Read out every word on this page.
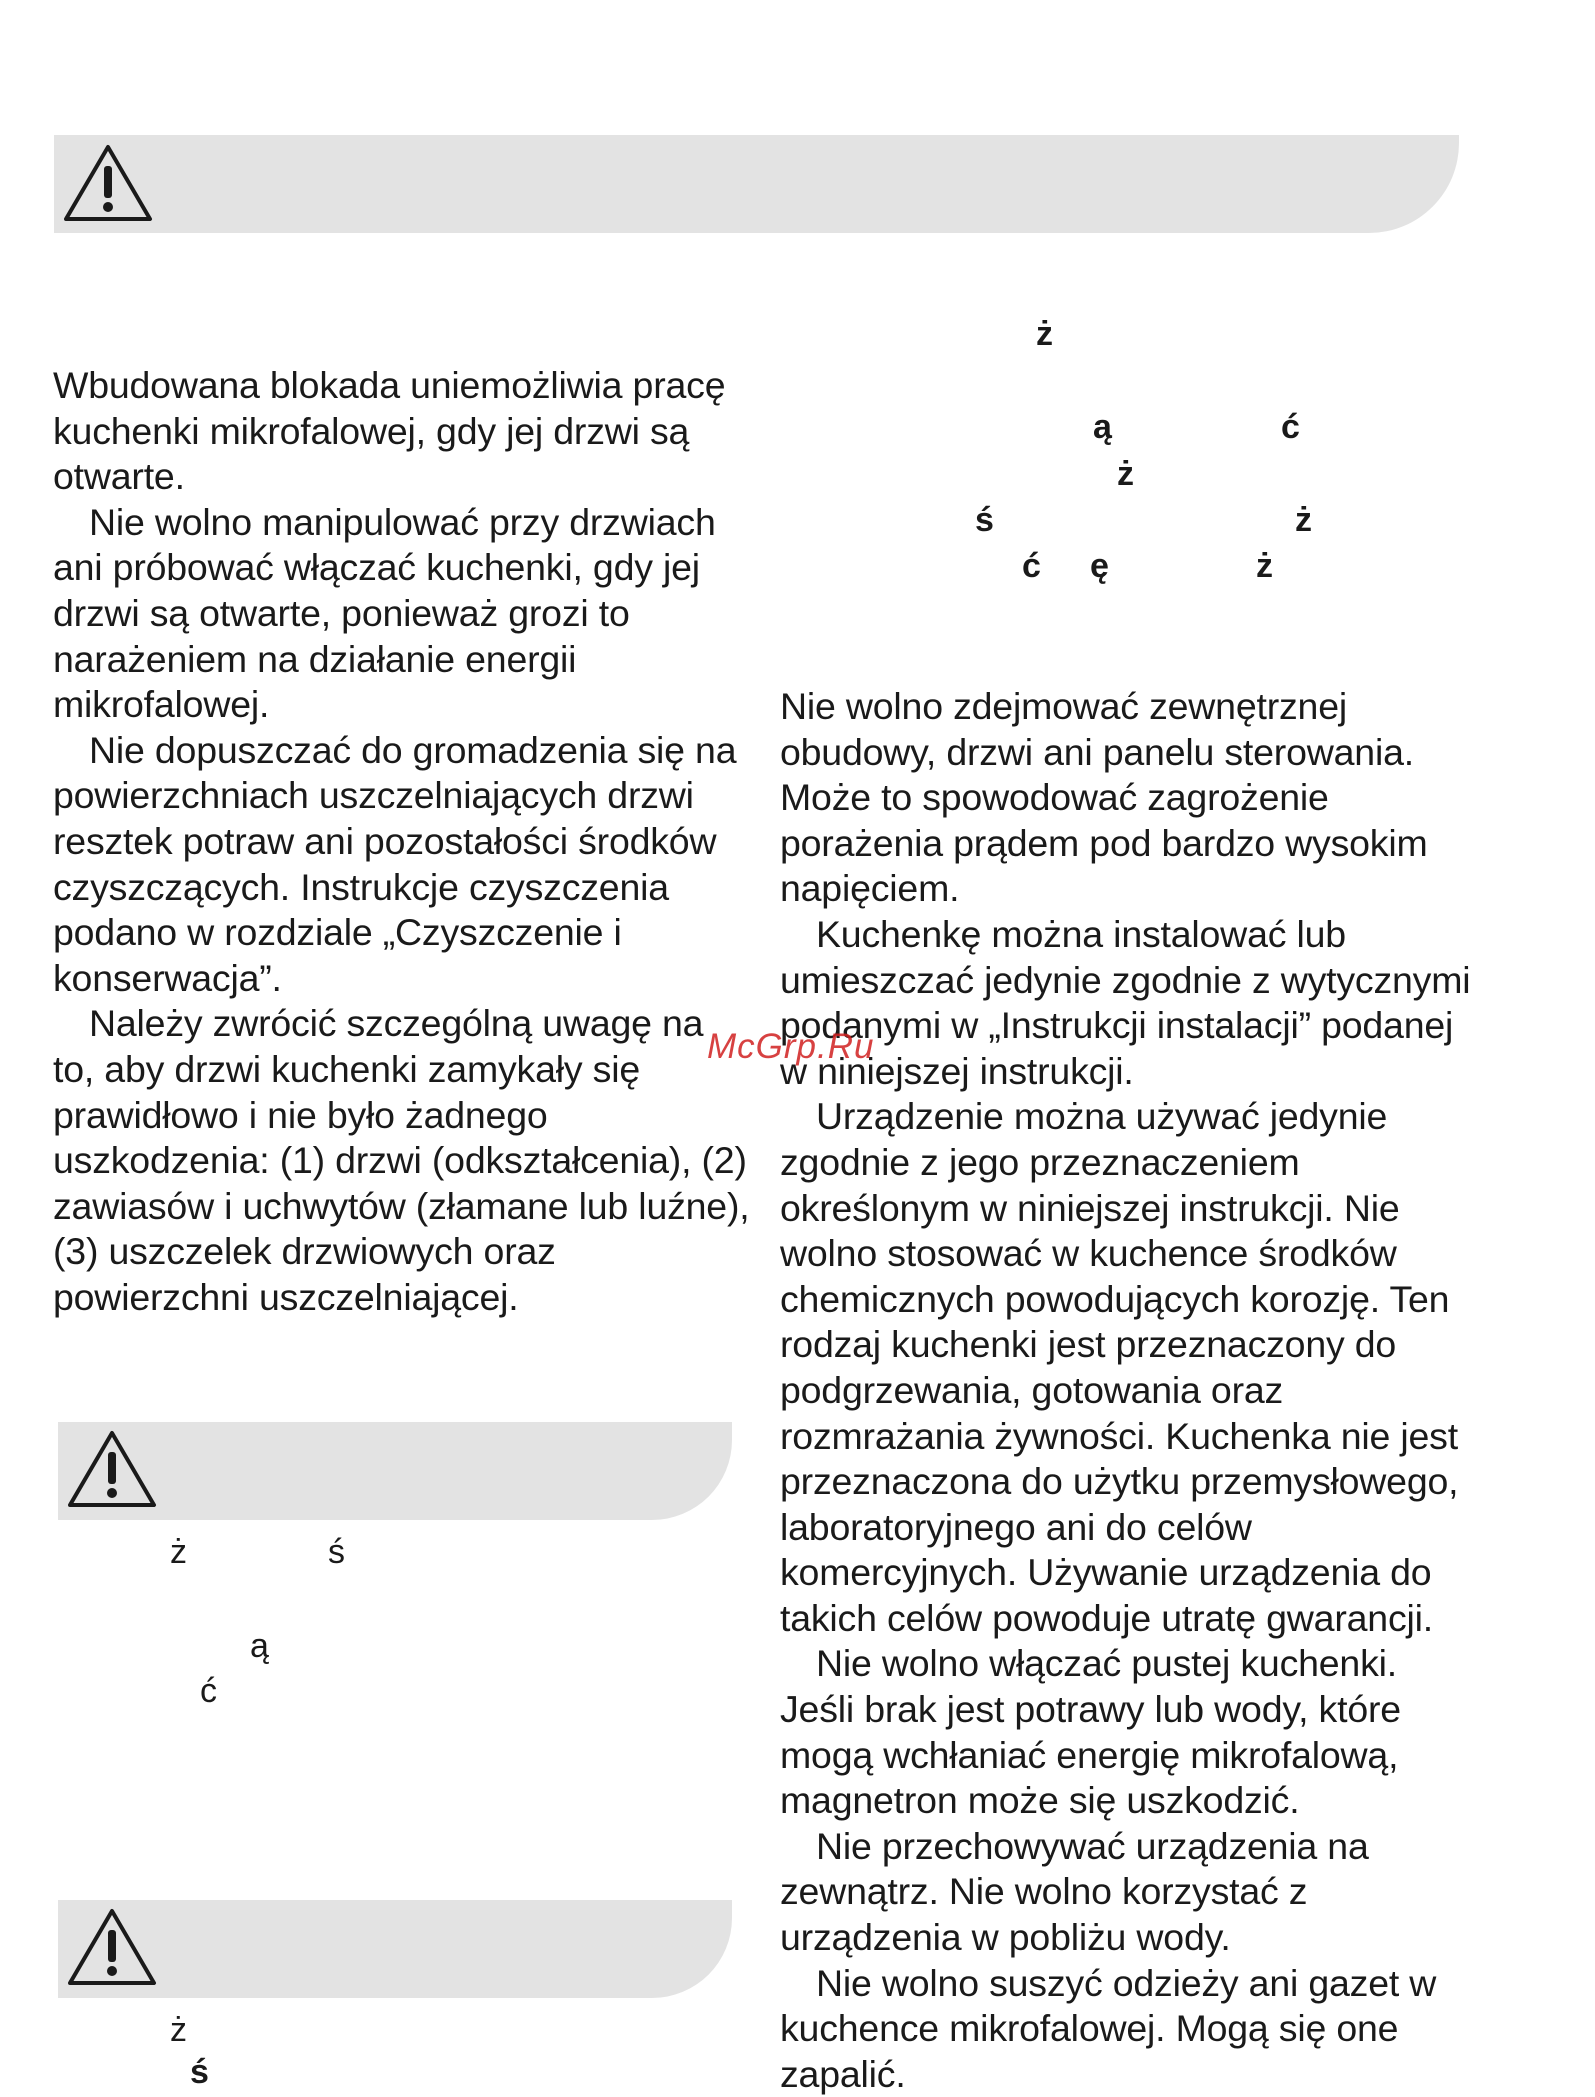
Wbudowana blokada uniemożliwia pracę kuchenki mikrofalowej, gdy jej drzwi są otwarte.

Nie wolno manipulować przy drzwiach ani próbować włączać kuchenki, gdy jej drzwi są otwarte, ponieważ grozi to narażeniem na działanie energii mikrofalowej.

Nie dopuszczać do gromadzenia się na powierzchniach uszczelniających drzwi resztek potraw ani pozostałości środków czyszczących. Instrukcje czyszczenia podano w rozdziale „Czyszczenie i konserwacja”.

Należy zwrócić szczególną uwagę na to, aby drzwi kuchenki zamykały się prawidłowo i nie było żadnego uszkodzenia: (1) drzwi (odkształcenia), (2) zawiasów i uchwytów (złamane lub luźne), (3) uszczelek drzwiowych oraz powierzchni uszczelniającej.

Nie wolno zdejmować zewnętrznej obudowy, drzwi ani panelu sterowania. Może to spowodować zagrożenie porażenia prądem pod bardzo wysokim napięciem.

Kuchenkę można instalować lub umieszczać jedynie zgodnie z wytycznymi podanymi w „Instrukcji instalacji” podanej w niniejszej instrukcji.

Urządzenie można używać jedynie zgodnie z jego przeznaczeniem określonym w niniejszej instrukcji. Nie wolno stosować w kuchence środków chemicznych powodujących korozję. Ten rodzaj kuchenki jest przeznaczony do podgrzewania, gotowania oraz rozmrażania żywności. Kuchenka nie jest przeznaczona do użytku przemysłowego, laboratoryjnego ani do celów komercyjnych. Używanie urządzenia do takich celów powoduje utratę gwarancji.

Nie wolno włączać pustej kuchenki. Jeśli brak jest potrawy lub wody, które mogą wchłaniać energię mikrofalową, magnetron może się uszkodzić.

Nie przechowywać urządzenia na zewnątrz. Nie wolno korzystać z urządzenia w pobliżu wody.

Nie wolno suszyć odzieży ani gazet w kuchence mikrofalowej. Mogą się one zapalić.

ż
ą	ć
ż
ś	ż
ć ę	ż
ż	ś
ą
ć
ż
ś
McGrp.Ru
